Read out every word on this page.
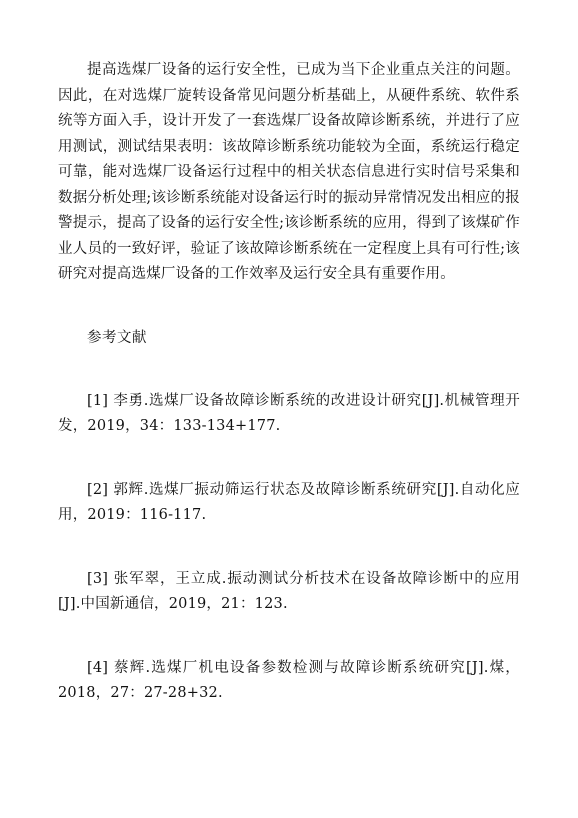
提高选煤厂设备的运行安全性，已成为当下企业重点关注的问题。因此，在对选煤厂旋转设备常见问题分析基础上，从硬件系统、软件系统等方面入手，设计开发了一套选煤厂设备故障诊断系统，并进行了应用测试，测试结果表明：该故障诊断系统功能较为全面，系统运行稳定可靠，能对选煤厂设备运行过程中的相关状态信息进行实时信号采集和数据分析处理;该诊断系统能对设备运行时的振动异常情况发出相应的报警提示，提高了设备的运行安全性;该诊断系统的应用，得到了该煤矿作业人员的一致好评，验证了该故障诊断系统在一定程度上具有可行性;该研究对提高选煤厂设备的工作效率及运行安全具有重要作用。

参考文献

[1] 李勇.选煤厂设备故障诊断系统的改进设计研究[J].机械管理开发，2019，34：133-134+177.
[2] 郭辉.选煤厂振动筛运行状态及故障诊断系统研究[J].自动化应用，2019：116-117.
[3] 张军翠，王立成.振动测试分析技术在设备故障诊断中的应用[J].中国新通信，2019，21：123.
[4] 蔡辉.选煤厂机电设备参数检测与故障诊断系统研究[J].煤，2018，27：27-28+32.
